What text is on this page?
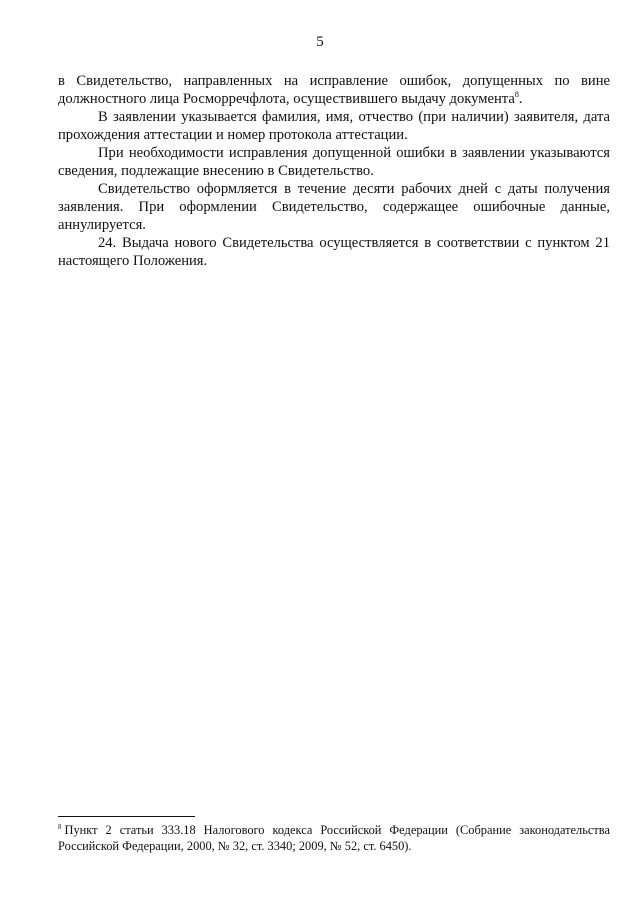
5

в Свидетельство, направленных на исправление ошибок, допущенных по вине должностного лица Росморречфлота, осуществившего выдачу документа$^8$.

В заявлении указывается фамилия, имя, отчество (при наличии) заявителя, дата прохождения аттестации и номер протокола аттестации.

При необходимости исправления допущенной ошибки в заявлении указываются сведения, подлежащие внесению в Свидетельство.

Свидетельство оформляется в течение десяти рабочих дней с даты получения заявления. При оформлении Свидетельство, содержащее ошибочные данные, аннулируется.

24. Выдача нового Свидетельства осуществляется в соответствии с пунктом 21 настоящего Положения.

$^8$ Пункт 2 статьи 333.18 Налогового кодекса Российской Федерации (Собрание законодательства Российской Федерации, 2000, № 32, ст. 3340; 2009, № 52, ст. 6450).
